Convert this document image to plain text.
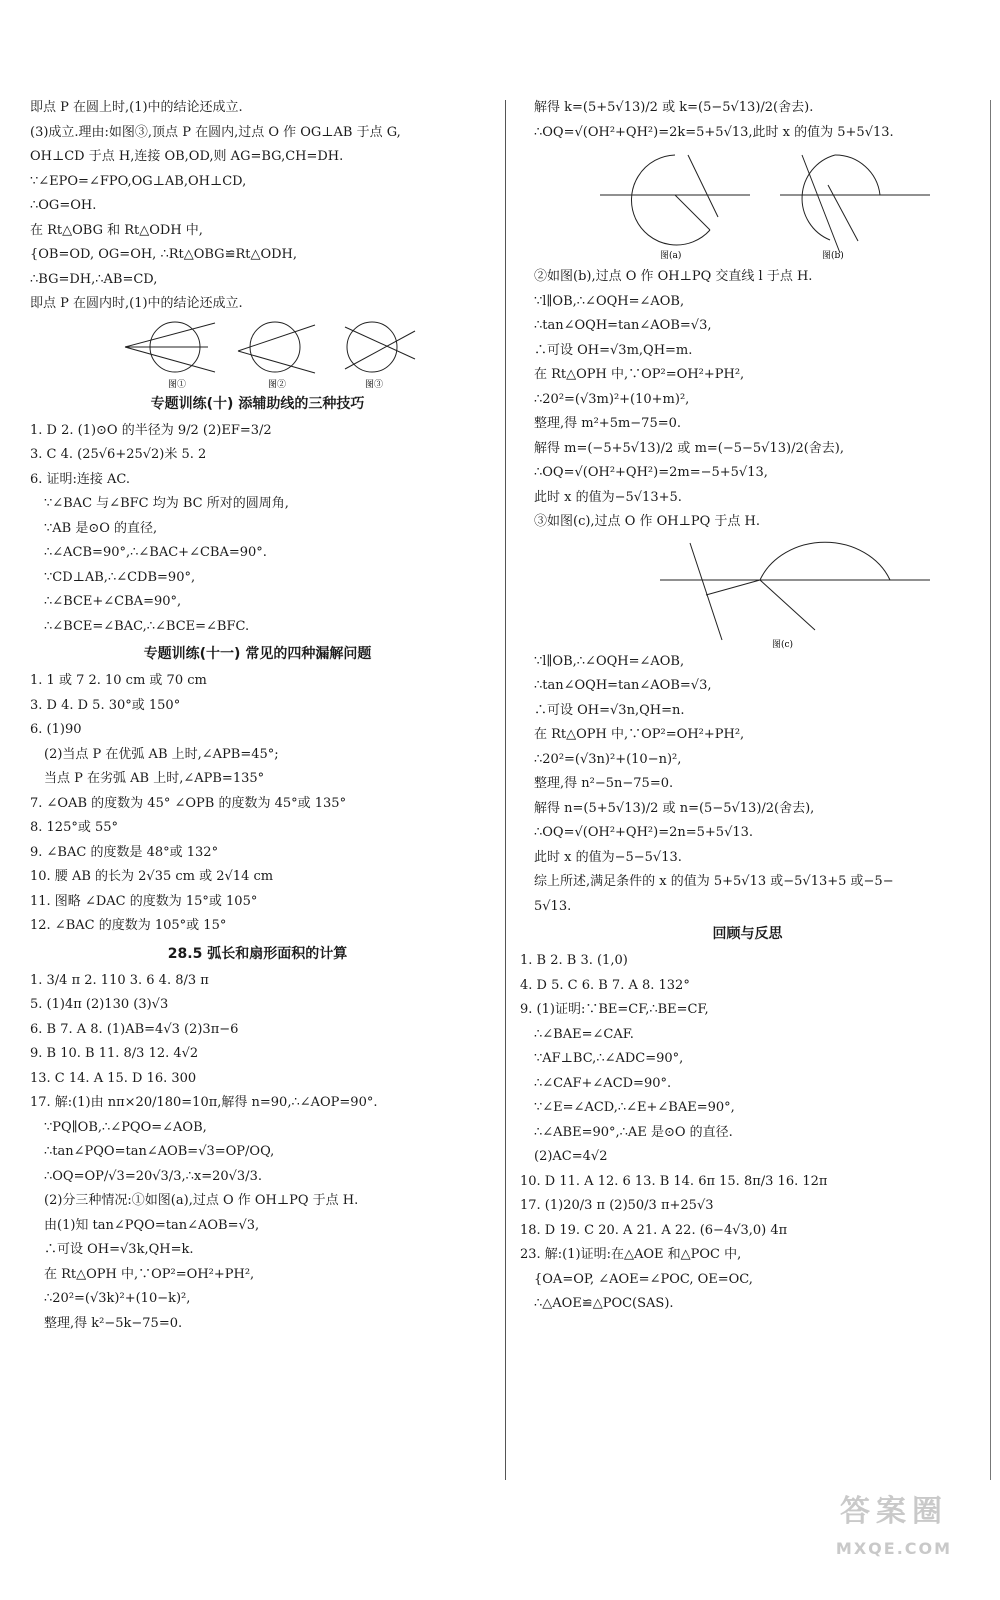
即点 P 在圆上时,(1)中的结论还成立.
(3)成立.理由:如图③,顶点 P 在圆内,过点 O 作 OG⊥AB 于点 G,
OH⊥CD 于点 H,连接 OB,OD,则 AG=BG,CH=DH.
∵∠EPO=∠FPO,OG⊥AB,OH⊥CD,
∴OG=OH.
在 Rt△OBG 和 Rt△ODH 中,
{OB=OD, OG=OH, ∴Rt△OBG≌Rt△ODH,
∴BG=DH,∴AB=CD,
即点 P 在圆内时,(1)中的结论还成立.
图①	图②	图③
专题训练(十) 添辅助线的三种技巧
1. D 2. (1)⊙O 的半径为 9/2 (2)EF=3/2
3. C 4. (25√6+25√2)米 5. 2
6. 证明:连接 AC.
∵∠BAC 与∠BFC 均为 BC 所对的圆周角,
∵AB 是⊙O 的直径,
∴∠ACB=90°,∴∠BAC+∠CBA=90°.
∵CD⊥AB,∴∠CDB=90°,
∴∠BCE+∠CBA=90°,
∴∠BCE=∠BAC,∴∠BCE=∠BFC.
专题训练(十一) 常见的四种漏解问题
1. 1 或 7 2. 10 cm 或 70 cm
3. D 4. D 5. 30°或 150°
6. (1)90
(2)当点 P 在优弧 AB 上时,∠APB=45°;
当点 P 在劣弧 AB 上时,∠APB=135°
7. ∠OAB 的度数为 45° ∠OPB 的度数为 45°或 135°
8. 125°或 55°
9. ∠BAC 的度数是 48°或 132°
10. 腰 AB 的长为 2√35 cm 或 2√14 cm
11. 图略 ∠DAC 的度数为 15°或 105°
12. ∠BAC 的度数为 105°或 15°
28.5 弧长和扇形面积的计算
1. 3/4 π 2. 110 3. 6 4. 8/3 π
5. (1)4π (2)130 (3)√3
6. B 7. A 8. (1)AB=4√3 (2)3π−6
9. B 10. B 11. 8/3 12. 4√2
13. C 14. A 15. D 16. 300
17. 解:(1)由 nπ×20/180=10π,解得 n=90,∴∠AOP=90°.
∵PQ∥OB,∴∠PQO=∠AOB,
∴tan∠PQO=tan∠AOB=√3=OP/OQ,
∴OQ=OP/√3=20√3/3,∴x=20√3/3.
(2)分三种情况:①如图(a),过点 O 作 OH⊥PQ 于点 H.
由(1)知 tan∠PQO=tan∠AOB=√3,
∴可设 OH=√3k,QH=k.
在 Rt△OPH 中,∵OP²=OH²+PH²,
∴20²=(√3k)²+(10−k)²,
整理,得 k²−5k−75=0.
解得 k=(5+5√13)/2 或 k=(5−5√13)/2(舍去).
∴OQ=√(OH²+QH²)=2k=5+5√13,此时 x 的值为 5+5√13.
图(a)	图(b)
②如图(b),过点 O 作 OH⊥PQ 交直线 l 于点 H.
∵l∥OB,∴∠OQH=∠AOB,
∴tan∠OQH=tan∠AOB=√3,
∴可设 OH=√3m,QH=m.
在 Rt△OPH 中,∵OP²=OH²+PH²,
∴20²=(√3m)²+(10+m)²,
整理,得 m²+5m−75=0.
解得 m=(−5+5√13)/2 或 m=(−5−5√13)/2(舍去),
∴OQ=√(OH²+QH²)=2m=−5+5√13,
此时 x 的值为−5√13+5.
③如图(c),过点 O 作 OH⊥PQ 于点 H.
图(c)
∵l∥OB,∴∠OQH=∠AOB,
∴tan∠OQH=tan∠AOB=√3,
∴可设 OH=√3n,QH=n.
在 Rt△OPH 中,∵OP²=OH²+PH²,
∴20²=(√3n)²+(10−n)²,
整理,得 n²−5n−75=0.
解得 n=(5+5√13)/2 或 n=(5−5√13)/2(舍去),
∴OQ=√(OH²+QH²)=2n=5+5√13.
此时 x 的值为−5−5√13.
综上所述,满足条件的 x 的值为 5+5√13 或−5√13+5 或−5−
5√13.
回顾与反思
1. B 2. B 3. (1,0)
4. D 5. C 6. B 7. A 8. 132°
9. (1)证明:∵BE=CF,∴BE=CF,
∴∠BAE=∠CAF.
∵AF⊥BC,∴∠ADC=90°,
∴∠CAF+∠ACD=90°.
∵∠E=∠ACD,∴∠E+∠BAE=90°,
∴∠ABE=90°,∴AE 是⊙O 的直径.
(2)AC=4√2
10. D 11. A 12. 6 13. B 14. 6π 15. 8π/3 16. 12π
17. (1)20/3 π (2)50/3 π+25√3
18. D 19. C 20. A 21. A 22. (6−4√3,0) 4π
23. 解:(1)证明:在△AOE 和△POC 中,
{OA=OP, ∠AOE=∠POC, OE=OC,
∴△AOE≌△POC(SAS).
答案圈
MXQE.COM
